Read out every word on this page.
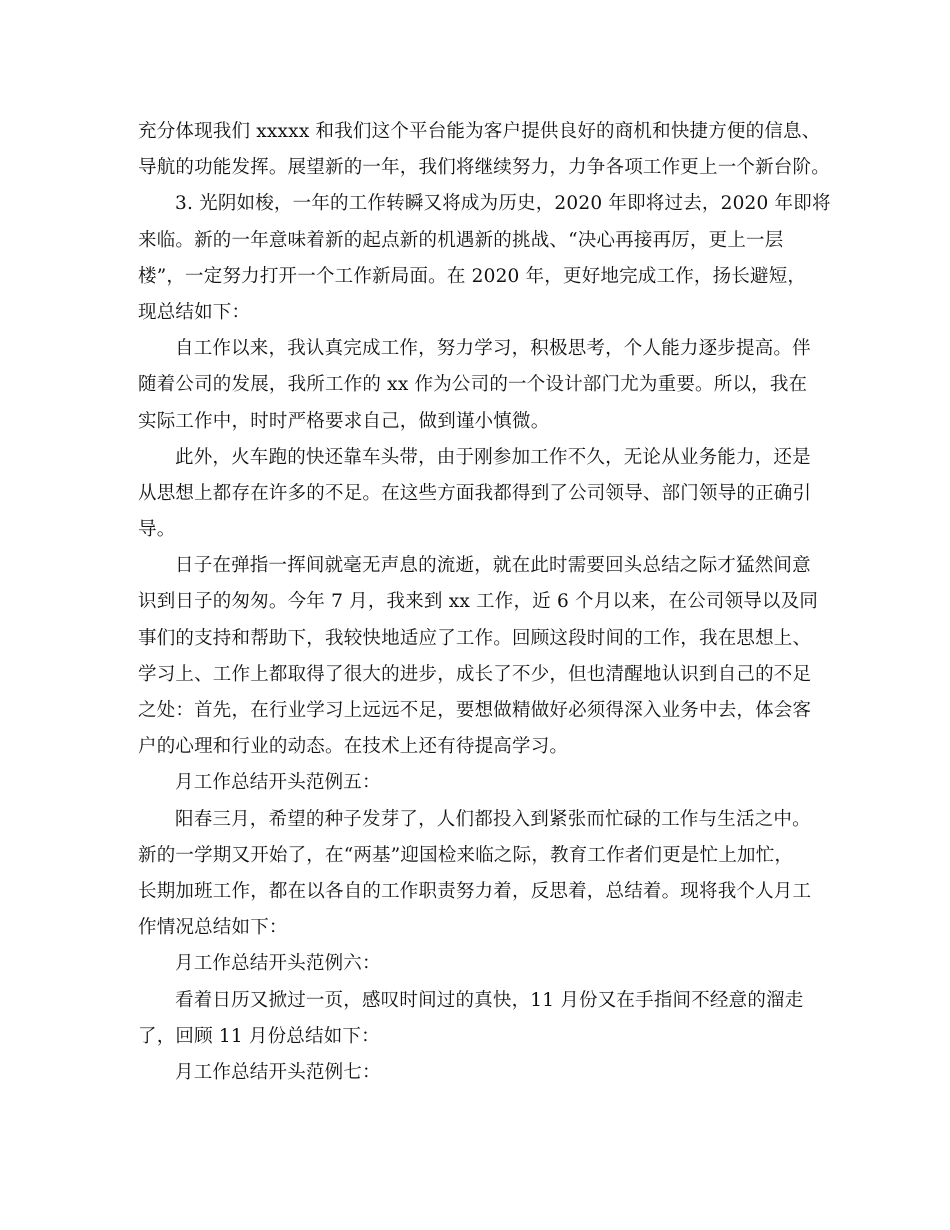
充分体现我们 xxxxx 和我们这个平台能为客户提供良好的商机和快捷方便的信息、
导航的功能发挥。展望新的一年，我们将继续努力，力争各项工作更上一个新台阶。
3. 光阴如梭，一年的工作转瞬又将成为历史，2020 年即将过去，2020 年即将
来临。新的一年意味着新的起点新的机遇新的挑战、“决心再接再厉，更上一层
楼”，一定努力打开一个工作新局面。在 2020 年，更好地完成工作，扬长避短，
现总结如下：
自工作以来，我认真完成工作，努力学习，积极思考，个人能力逐步提高。伴
随着公司的发展，我所工作的 xx 作为公司的一个设计部门尤为重要。所以，我在
实际工作中，时时严格要求自己，做到谨小慎微。
此外，火车跑的快还靠车头带，由于刚参加工作不久，无论从业务能力，还是
从思想上都存在许多的不足。在这些方面我都得到了公司领导、部门领导的正确引
导。
日子在弹指一挥间就毫无声息的流逝，就在此时需要回头总结之际才猛然间意
识到日子的匆匆。今年 7 月，我来到 xx 工作，近 6 个月以来，在公司领导以及同
事们的支持和帮助下，我较快地适应了工作。回顾这段时间的工作，我在思想上、
学习上、工作上都取得了很大的进步，成长了不少，但也清醒地认识到自己的不足
之处：首先，在行业学习上远远不足，要想做精做好必须得深入业务中去，体会客
户的心理和行业的动态。在技术上还有待提高学习。
月工作总结开头范例五：
阳春三月，希望的种子发芽了，人们都投入到紧张而忙碌的工作与生活之中。
新的一学期又开始了，在“两基”迎国检来临之际，教育工作者们更是忙上加忙，
长期加班工作，都在以各自的工作职责努力着，反思着，总结着。现将我个人月工
作情况总结如下：
月工作总结开头范例六：
看着日历又掀过一页，感叹时间过的真快，11 月份又在手指间不经意的溜走
了，回顾 11 月份总结如下：
月工作总结开头范例七：
